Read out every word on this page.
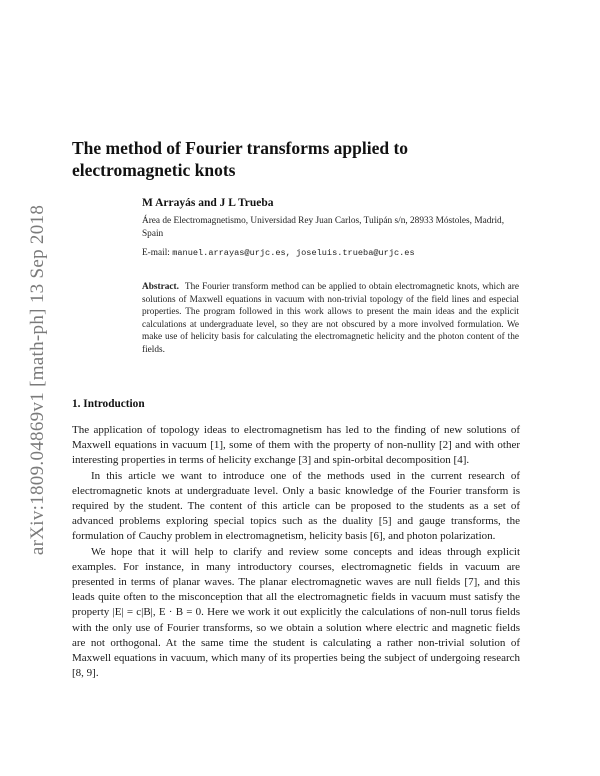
arXiv:1809.04869v1 [math-ph] 13 Sep 2018
The method of Fourier transforms applied to electromagnetic knots
M Arrayás and J L Trueba
Área de Electromagnetismo, Universidad Rey Juan Carlos, Tulipán s/n, 28933 Móstoles, Madrid, Spain
E-mail: manuel.arrayas@urjc.es, joseluis.trueba@urjc.es
Abstract. The Fourier transform method can be applied to obtain electromagnetic knots, which are solutions of Maxwell equations in vacuum with non-trivial topology of the field lines and especial properties. The program followed in this work allows to present the main ideas and the explicit calculations at undergraduate level, so they are not obscured by a more involved formulation. We make use of helicity basis for calculating the electromagnetic helicity and the photon content of the fields.
1. Introduction

The application of topology ideas to electromagnetism has led to the finding of new solutions of Maxwell equations in vacuum [1], some of them with the property of non-nullity [2] and with other interesting properties in terms of helicity exchange [3] and spin-orbital decomposition [4].

In this article we want to introduce one of the methods used in the current research of electromagnetic knots at undergraduate level. Only a basic knowledge of the Fourier transform is required by the student. The content of this article can be proposed to the students as a set of advanced problems exploring special topics such as the duality [5] and gauge transforms, the formulation of Cauchy problem in electromagnetism, helicity basis [6], and photon polarization.

We hope that it will help to clarify and review some concepts and ideas through explicit examples. For instance, in many introductory courses, electromagnetic fields in vacuum are presented in terms of planar waves. The planar electromagnetic waves are null fields [7], and this leads quite often to the misconception that all the electromagnetic fields in vacuum must satisfy the property |E| = c|B|, E · B = 0. Here we work it out explicitly the calculations of non-null torus fields with the only use of Fourier transforms, so we obtain a solution where electric and magnetic fields are not orthogonal. At the same time the student is calculating a rather non-trivial solution of Maxwell equations in vacuum, which many of its properties being the subject of undergoing research [8, 9].
